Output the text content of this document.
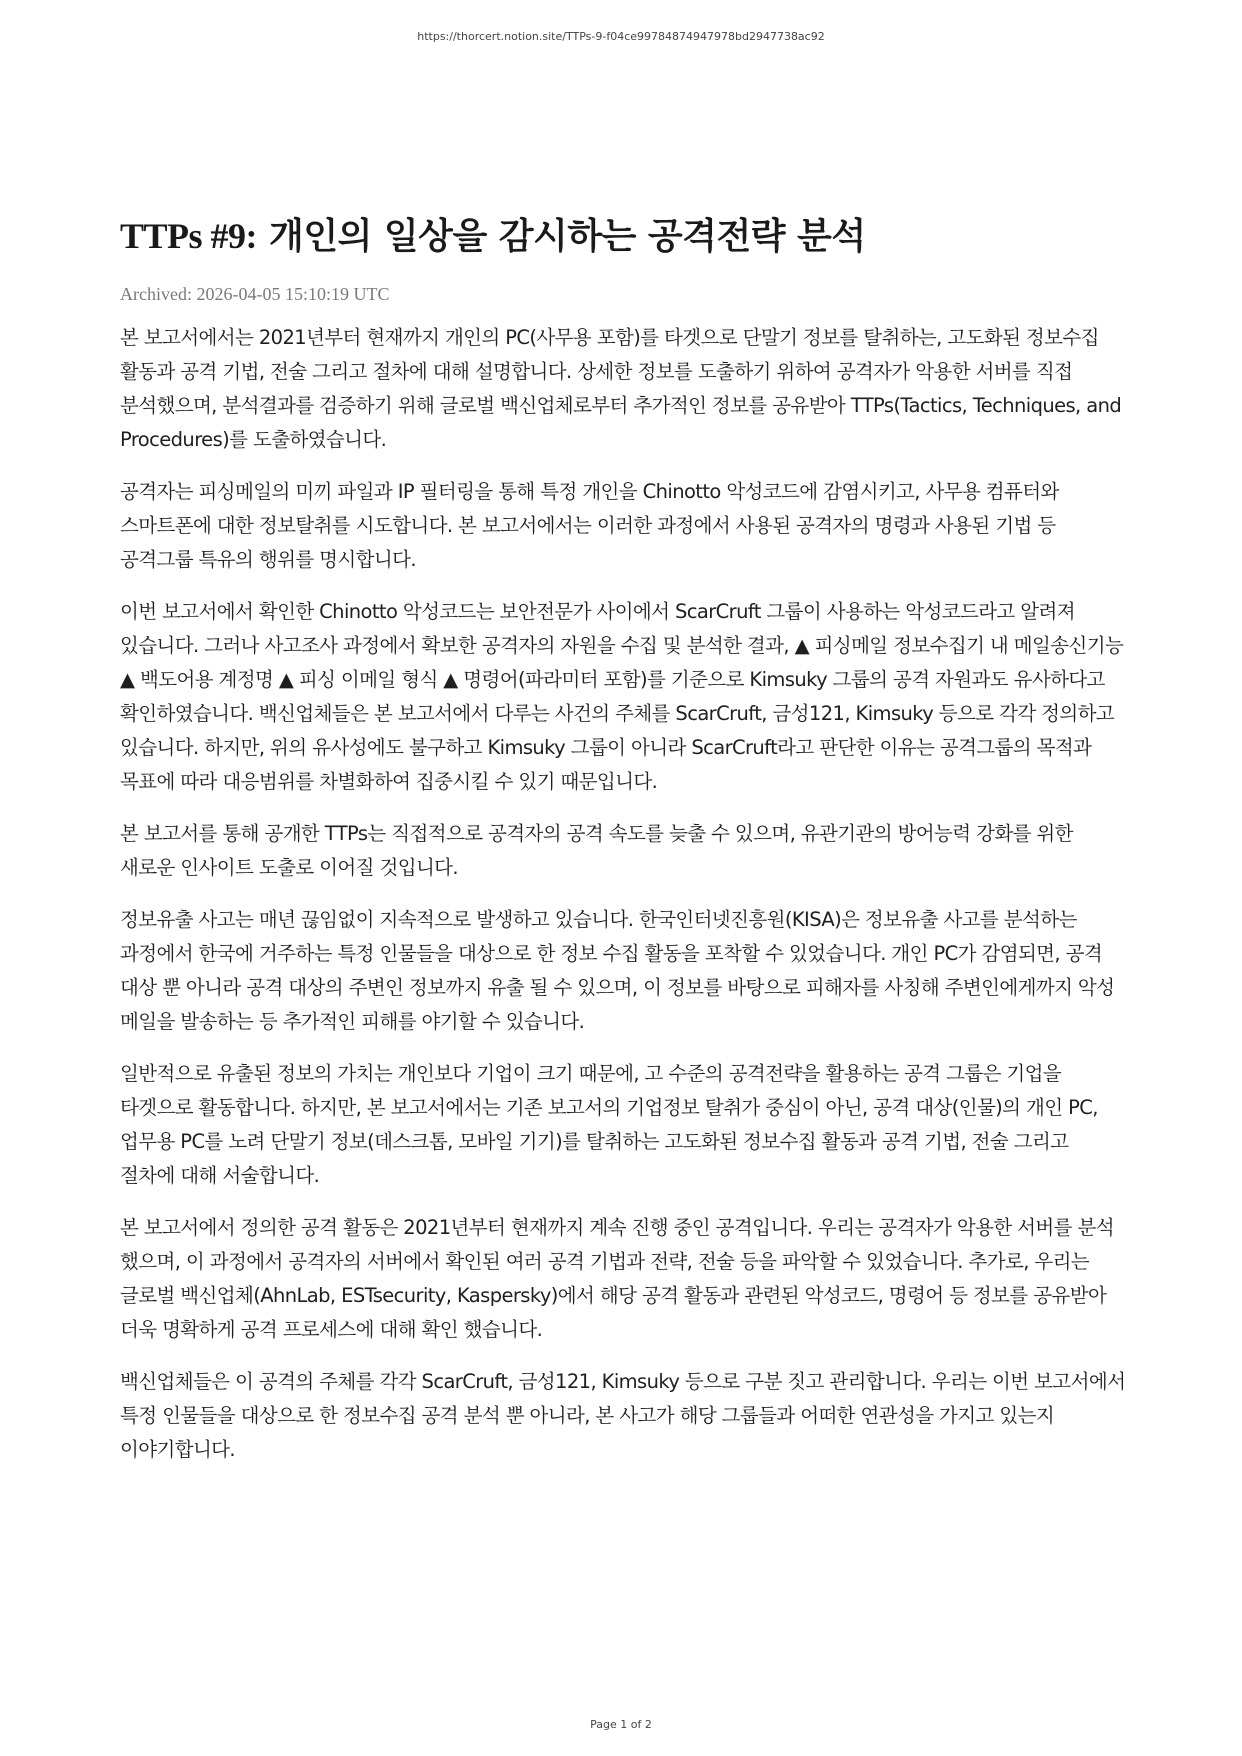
https://thorcert.notion.site/TTPs-9-f04ce99784874947978bd2947738ac92
TTPs #9: 개인의 일상을 감시하는 공격전략 분석
Archived: 2026-04-05 15:10:19 UTC

본 보고서에서는 2021년부터 현재까지 개인의 PC(사무용 포함)를 타겟으로 단말기 정보를 탈취하는, 고도화된 정보수집 활동과 공격 기법, 전술 그리고 절차에 대해 설명합니다. 상세한 정보를 도출하기 위하여 공격자가 악용한 서버를 직접 분석했으며, 분석결과를 검증하기 위해 글로벌 백신업체로부터 추가적인 정보를 공유받아 TTPs(Tactics, Techniques, and Procedures)를 도출하였습니다.

공격자는 피싱메일의 미끼 파일과 IP 필터링을 통해 특정 개인을 Chinotto 악성코드에 감염시키고, 사무용 컴퓨터와 스마트폰에 대한 정보탈취를 시도합니다. 본 보고서에서는 이러한 과정에서 사용된 공격자의 명령과 사용된 기법 등 공격그룹 특유의 행위를 명시합니다.

이번 보고서에서 확인한 Chinotto 악성코드는 보안전문가 사이에서 ScarCruft 그룹이 사용하는 악성코드라고 알려져 있습니다. 그러나 사고조사 과정에서 확보한 공격자의 자원을 수집 및 분석한 결과, ▲ 피싱메일 정보수집기 내 메일송신기능 ▲ 백도어용 계정명 ▲ 피싱 이메일 형식 ▲ 명령어(파라미터 포함)를 기준으로 Kimsuky 그룹의 공격 자원과도 유사하다고 확인하였습니다. 백신업체들은 본 보고서에서 다루는 사건의 주체를 ScarCruft, 금성121, Kimsuky 등으로 각각 정의하고 있습니다. 하지만, 위의 유사성에도 불구하고 Kimsuky 그룹이 아니라 ScarCruft라고 판단한 이유는 공격그룹의 목적과 목표에 따라 대응범위를 차별화하여 집중시킬 수 있기 때문입니다.

본 보고서를 통해 공개한 TTPs는 직접적으로 공격자의 공격 속도를 늦출 수 있으며, 유관기관의 방어능력 강화를 위한 새로운 인사이트 도출로 이어질 것입니다.

정보유출 사고는 매년 끊임없이 지속적으로 발생하고 있습니다. 한국인터넷진흥원(KISA)은 정보유출 사고를 분석하는 과정에서 한국에 거주하는 특정 인물들을 대상으로 한 정보 수집 활동을 포착할 수 있었습니다. 개인 PC가 감염되면, 공격 대상 뿐 아니라 공격 대상의 주변인 정보까지 유출 될 수 있으며, 이 정보를 바탕으로 피해자를 사칭해 주변인에게까지 악성 메일을 발송하는 등 추가적인 피해를 야기할 수 있습니다.

일반적으로 유출된 정보의 가치는 개인보다 기업이 크기 때문에, 고 수준의 공격전략을 활용하는 공격 그룹은 기업을 타겟으로 활동합니다. 하지만, 본 보고서에서는 기존 보고서의 기업정보 탈취가 중심이 아닌, 공격 대상(인물)의 개인 PC, 업무용 PC를 노려 단말기 정보(데스크톱, 모바일 기기)를 탈취하는 고도화된 정보수집 활동과 공격 기법, 전술 그리고 절차에 대해 서술합니다.

본 보고서에서 정의한 공격 활동은 2021년부터 현재까지 계속 진행 중인 공격입니다. 우리는 공격자가 악용한 서버를 분석 했으며, 이 과정에서 공격자의 서버에서 확인된 여러 공격 기법과 전략, 전술 등을 파악할 수 있었습니다. 추가로, 우리는 글로벌 백신업체(AhnLab, ESTsecurity, Kaspersky)에서 해당 공격 활동과 관련된 악성코드, 명령어 등 정보를 공유받아 더욱 명확하게 공격 프로세스에 대해 확인 했습니다.

백신업체들은 이 공격의 주체를 각각 ScarCruft, 금성121, Kimsuky 등으로 구분 짓고 관리합니다. 우리는 이번 보고서에서 특정 인물들을 대상으로 한 정보수집 공격 분석 뿐 아니라, 본 사고가 해당 그룹들과 어떠한 연관성을 가지고 있는지 이야기합니다.

Page 1 of 2
